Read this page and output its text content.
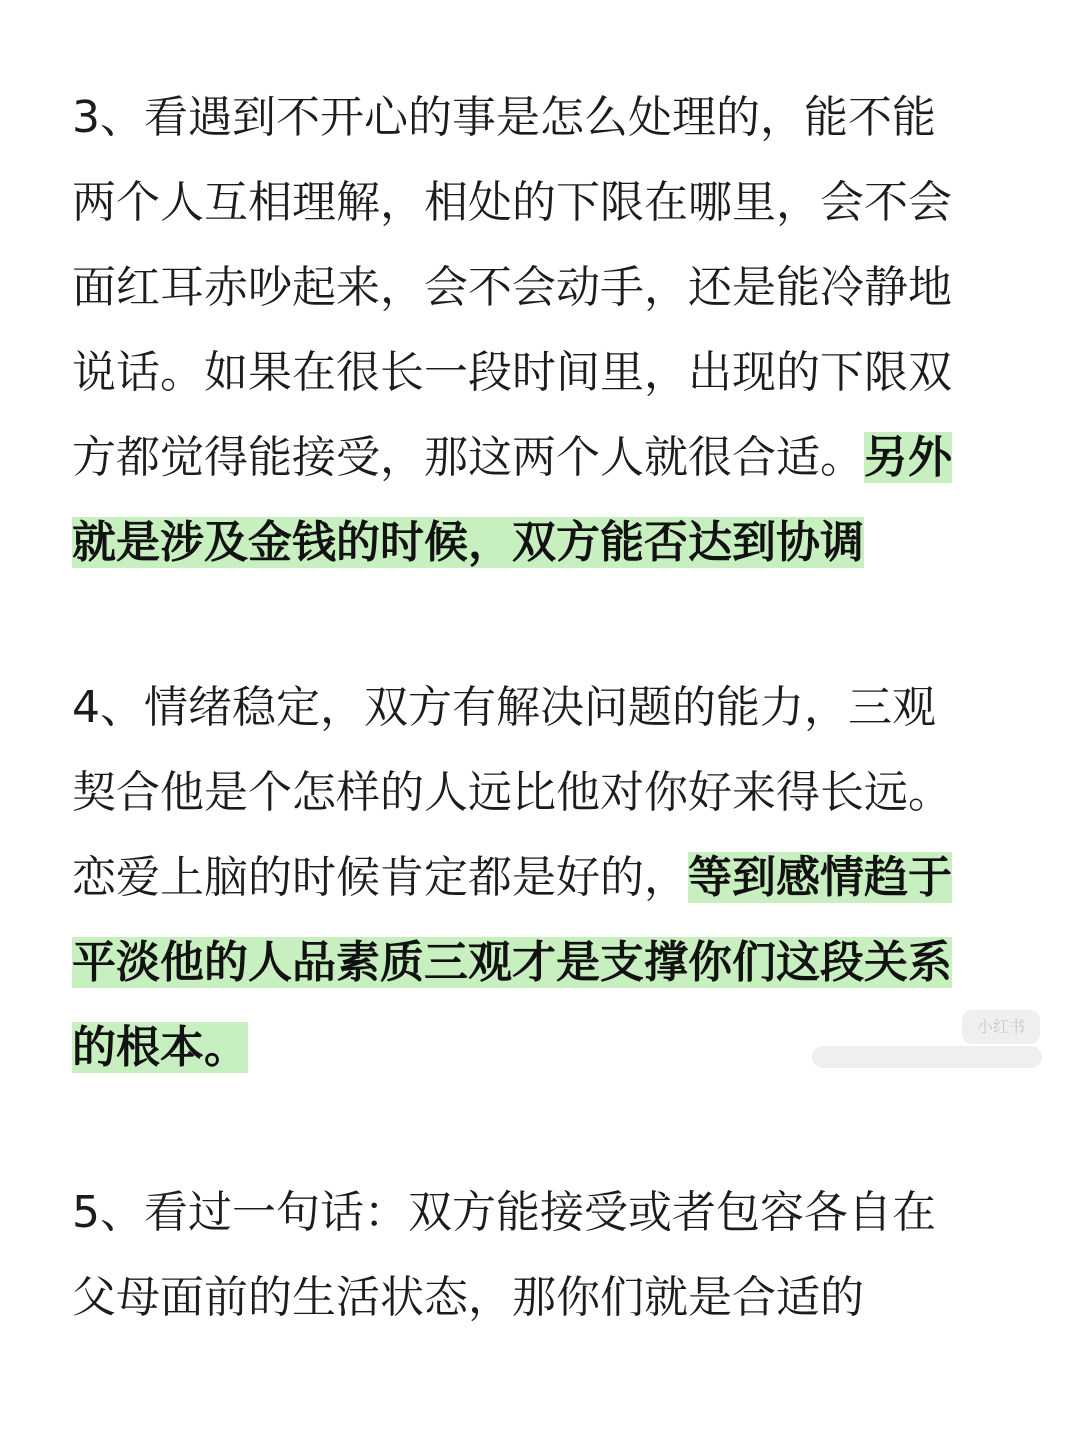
3、看遇到不开心的事是怎么处理的，能不能
两个人互相理解，相处的下限在哪里，会不会
面红耳赤吵起来，会不会动手，还是能冷静地
说话。如果在很长一段时间里，出现的下限双
方都觉得能接受，那这两个人就很合适。另外
就是涉及金钱的时候，双方能否达到协调
4、情绪稳定，双方有解决问题的能力，三观
契合他是个怎样的人远比他对你好来得长远。
恋爱上脑的时候肯定都是好的，等到感情趋于
平淡他的人品素质三观才是支撑你们这段关系
的根本。
5、看过一句话：双方能接受或者包容各自在
父母面前的生活状态，那你们就是合适的
小红书
